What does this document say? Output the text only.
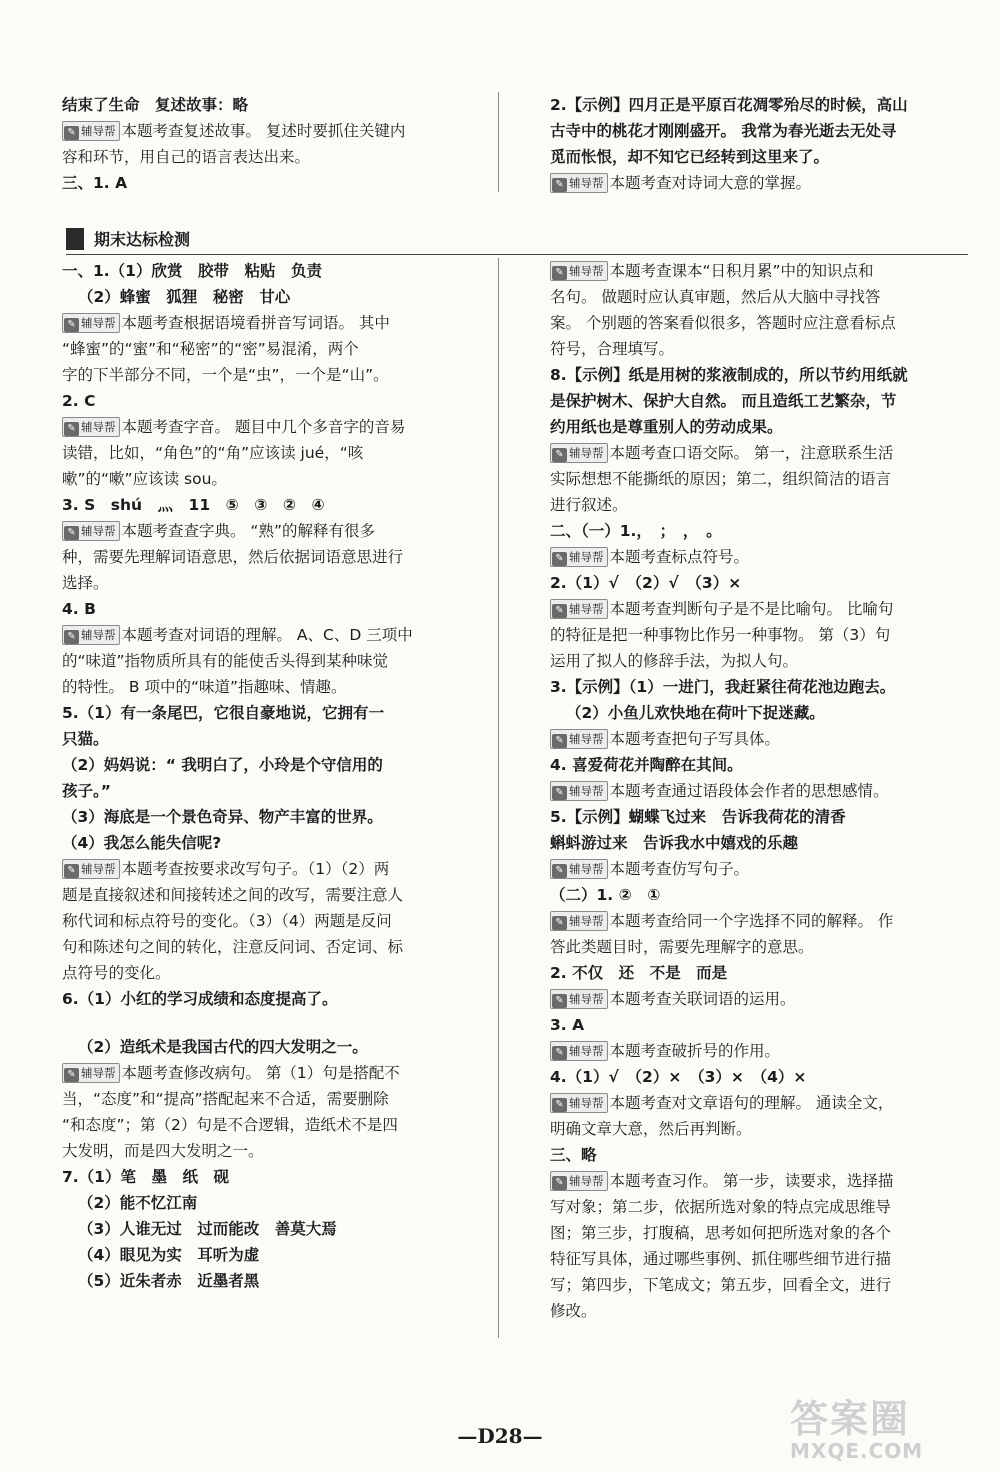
结束了生命　复述故事：略
✎ 辅导帮 本题考查复述故事。 复述时要抓住关键内
容和环节，用自己的语言表达出来。
三、1. A
2.【示例】四月正是平原百花凋零殆尽的时候，高山
古寺中的桃花才刚刚盛开。 我常为春光逝去无处寻
觅而怅恨，却不知它已经转到这里来了。
✎ 辅导帮 本题考查对诗词大意的掌握。
期末达标检测
一、1.（1）欣赏　胶带　粘贴　负责
（2）蜂蜜　狐狸　秘密　甘心
✎ 辅导帮 本题考查根据语境看拼音写词语。 其中
“蜂蜜”的“蜜”和“秘密”的“密”易混淆，两个
字的下半部分不同，一个是“虫”，一个是“山”。
2. C
✎ 辅导帮 本题考查字音。 题目中几个多音字的音易
读错，比如，“角色”的“角”应该读 jué，“咳
嗽”的“嗽”应该读 sou。
3. S　shú　灬　11　⑤　③　②　④
✎ 辅导帮 本题考查查字典。 “熟”的解释有很多
种，需要先理解词语意思，然后依据词语意思进行
选择。
4. B
✎ 辅导帮 本题考查对词语的理解。 A、C、D 三项中
的“味道”指物质所具有的能使舌头得到某种味觉
的特性。 B 项中的“味道”指趣味、情趣。
5.（1）有一条尾巴，它很自豪地说，它拥有一
只猫。
（2）妈妈说：“ 我明白了，小玲是个守信用的
孩子。”
（3）海底是一个景色奇异、物产丰富的世界。
（4）我怎么能失信呢?
✎ 辅导帮 本题考查按要求改写句子。（1）（2）两
题是直接叙述和间接转述之间的改写，需要注意人
称代词和标点符号的变化。（3）（4）两题是反问
句和陈述句之间的转化，注意反问词、否定词、标
点符号的变化。
6.（1）小红的学习成绩和态度提高了。
（2）造纸术是我国古代的四大发明之一。
✎ 辅导帮 本题考查修改病句。 第（1）句是搭配不
当，“态度”和“提高”搭配起来不合适，需要删除
“和态度”；第（2）句是不合逻辑，造纸术不是四
大发明，而是四大发明之一。
7.（1）笔　墨　纸　砚
（2）能不忆江南
（3）人谁无过　过而能改　善莫大焉
（4）眼见为实　耳听为虚
（5）近朱者赤　近墨者黑
✎ 辅导帮 本题考查课本“日积月累”中的知识点和
名句。 做题时应认真审题，然后从大脑中寻找答
案。 个别题的答案看似很多，答题时应注意看标点
符号，合理填写。
8.【示例】纸是用树的浆液制成的，所以节约用纸就
是保护树木、保护大自然。 而且造纸工艺繁杂，节
约用纸也是尊重别人的劳动成果。
✎ 辅导帮 本题考查口语交际。 第一，注意联系生活
实际想想不能撕纸的原因；第二，组织简洁的语言
进行叙述。
二、（一）1.，　；　，　。
✎ 辅导帮 本题考查标点符号。
2.（1）√　（2）√　（3）×
✎ 辅导帮 本题考查判断句子是不是比喻句。 比喻句
的特征是把一种事物比作另一种事物。 第（3）句
运用了拟人的修辞手法，为拟人句。
3.【示例】（1）一进门，我赶紧往荷花池边跑去。
（2）小鱼儿欢快地在荷叶下捉迷藏。
✎ 辅导帮 本题考查把句子写具体。
4. 喜爱荷花并陶醉在其间。
✎ 辅导帮 本题考查通过语段体会作者的思想感情。
5.【示例】蝴蝶飞过来　告诉我荷花的清香
蝌蚪游过来　告诉我水中嬉戏的乐趣
✎ 辅导帮 本题考查仿写句子。
（二）1. ②　①
✎ 辅导帮 本题考查给同一个字选择不同的解释。 作
答此类题目时，需要先理解字的意思。
2. 不仅　还　不是　而是
✎ 辅导帮 本题考查关联词语的运用。
3. A
✎ 辅导帮 本题考查破折号的作用。
4.（1）√　（2）×　（3）×　（4）×
✎ 辅导帮 本题考查对文章语句的理解。 通读全文，
明确文章大意，然后再判断。
三、略
✎ 辅导帮 本题考查习作。 第一步，读要求，选择描
写对象；第二步，依据所选对象的特点完成思维导
图；第三步，打腹稿，思考如何把所选对象的各个
特征写具体，通过哪些事例、抓住哪些细节进行描
写；第四步，下笔成文；第五步，回看全文，进行
修改。
—D28—	答案圈
MXQE.COM
